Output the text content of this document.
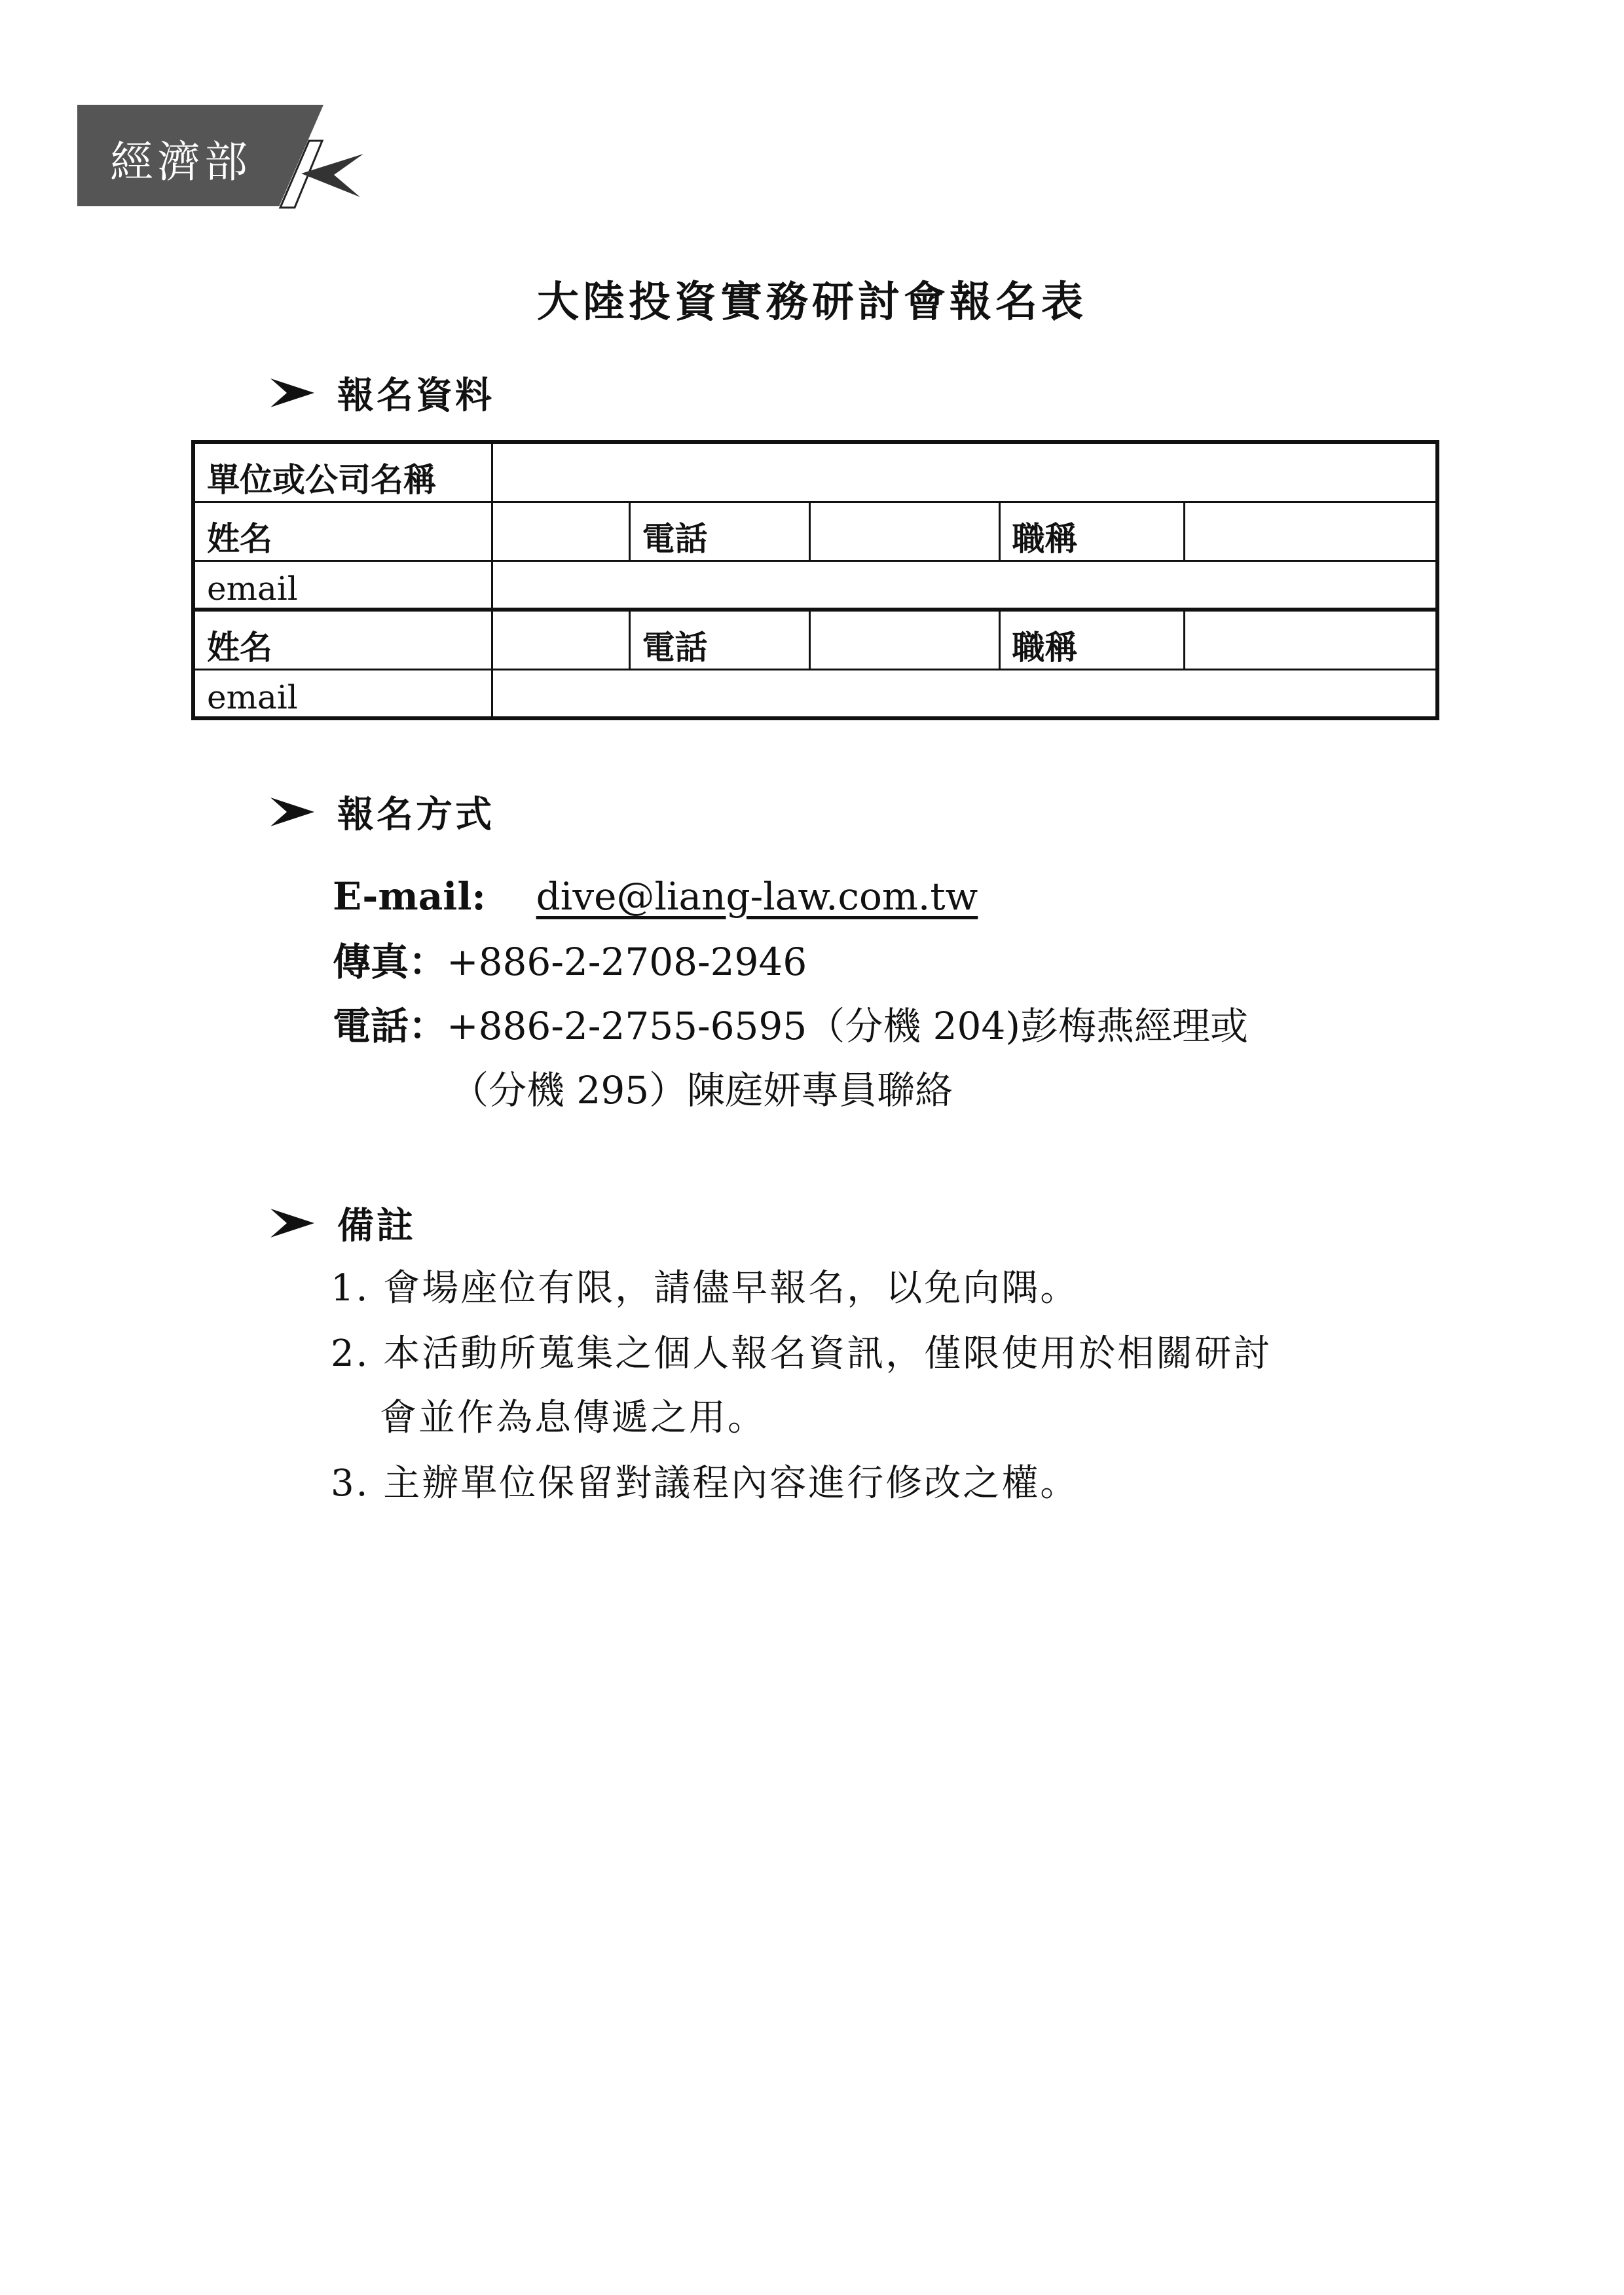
經濟部
大陸投資實務研討會報名表
報名資料
單位或公司名稱					
姓名		電話		職稱	
email					
姓名		電話		職稱	
email					
報名方式
E-mail: dive@liang-law.com.tw
傳真：+886-2-2708-2946
電話：+886-2-2755-6595（分機 204)彭梅燕經理或
（分機 295）陳庭妍專員聯絡
備註
1. 會場座位有限，請儘早報名，以免向隅。
2. 本活動所蒐集之個人報名資訊，僅限使用於相關研討
會並作為息傳遞之用。
3. 主辦單位保留對議程內容進行修改之權。
